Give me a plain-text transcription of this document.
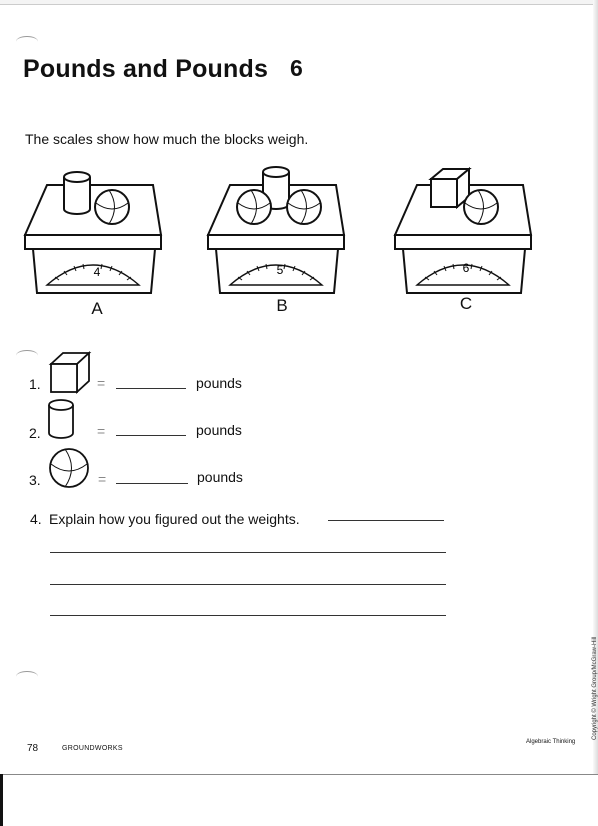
Pounds and Pounds 6
The scales show how much the blocks weigh.
4	5	6
A	B	C
1.	=	pounds
2.	=	pounds
3.	=	pounds
4. Explain how you figured out the weights.
78	GROUNDWORKS
Algebraic Thinking
Copyright © Wright Group/McGraw-Hill
